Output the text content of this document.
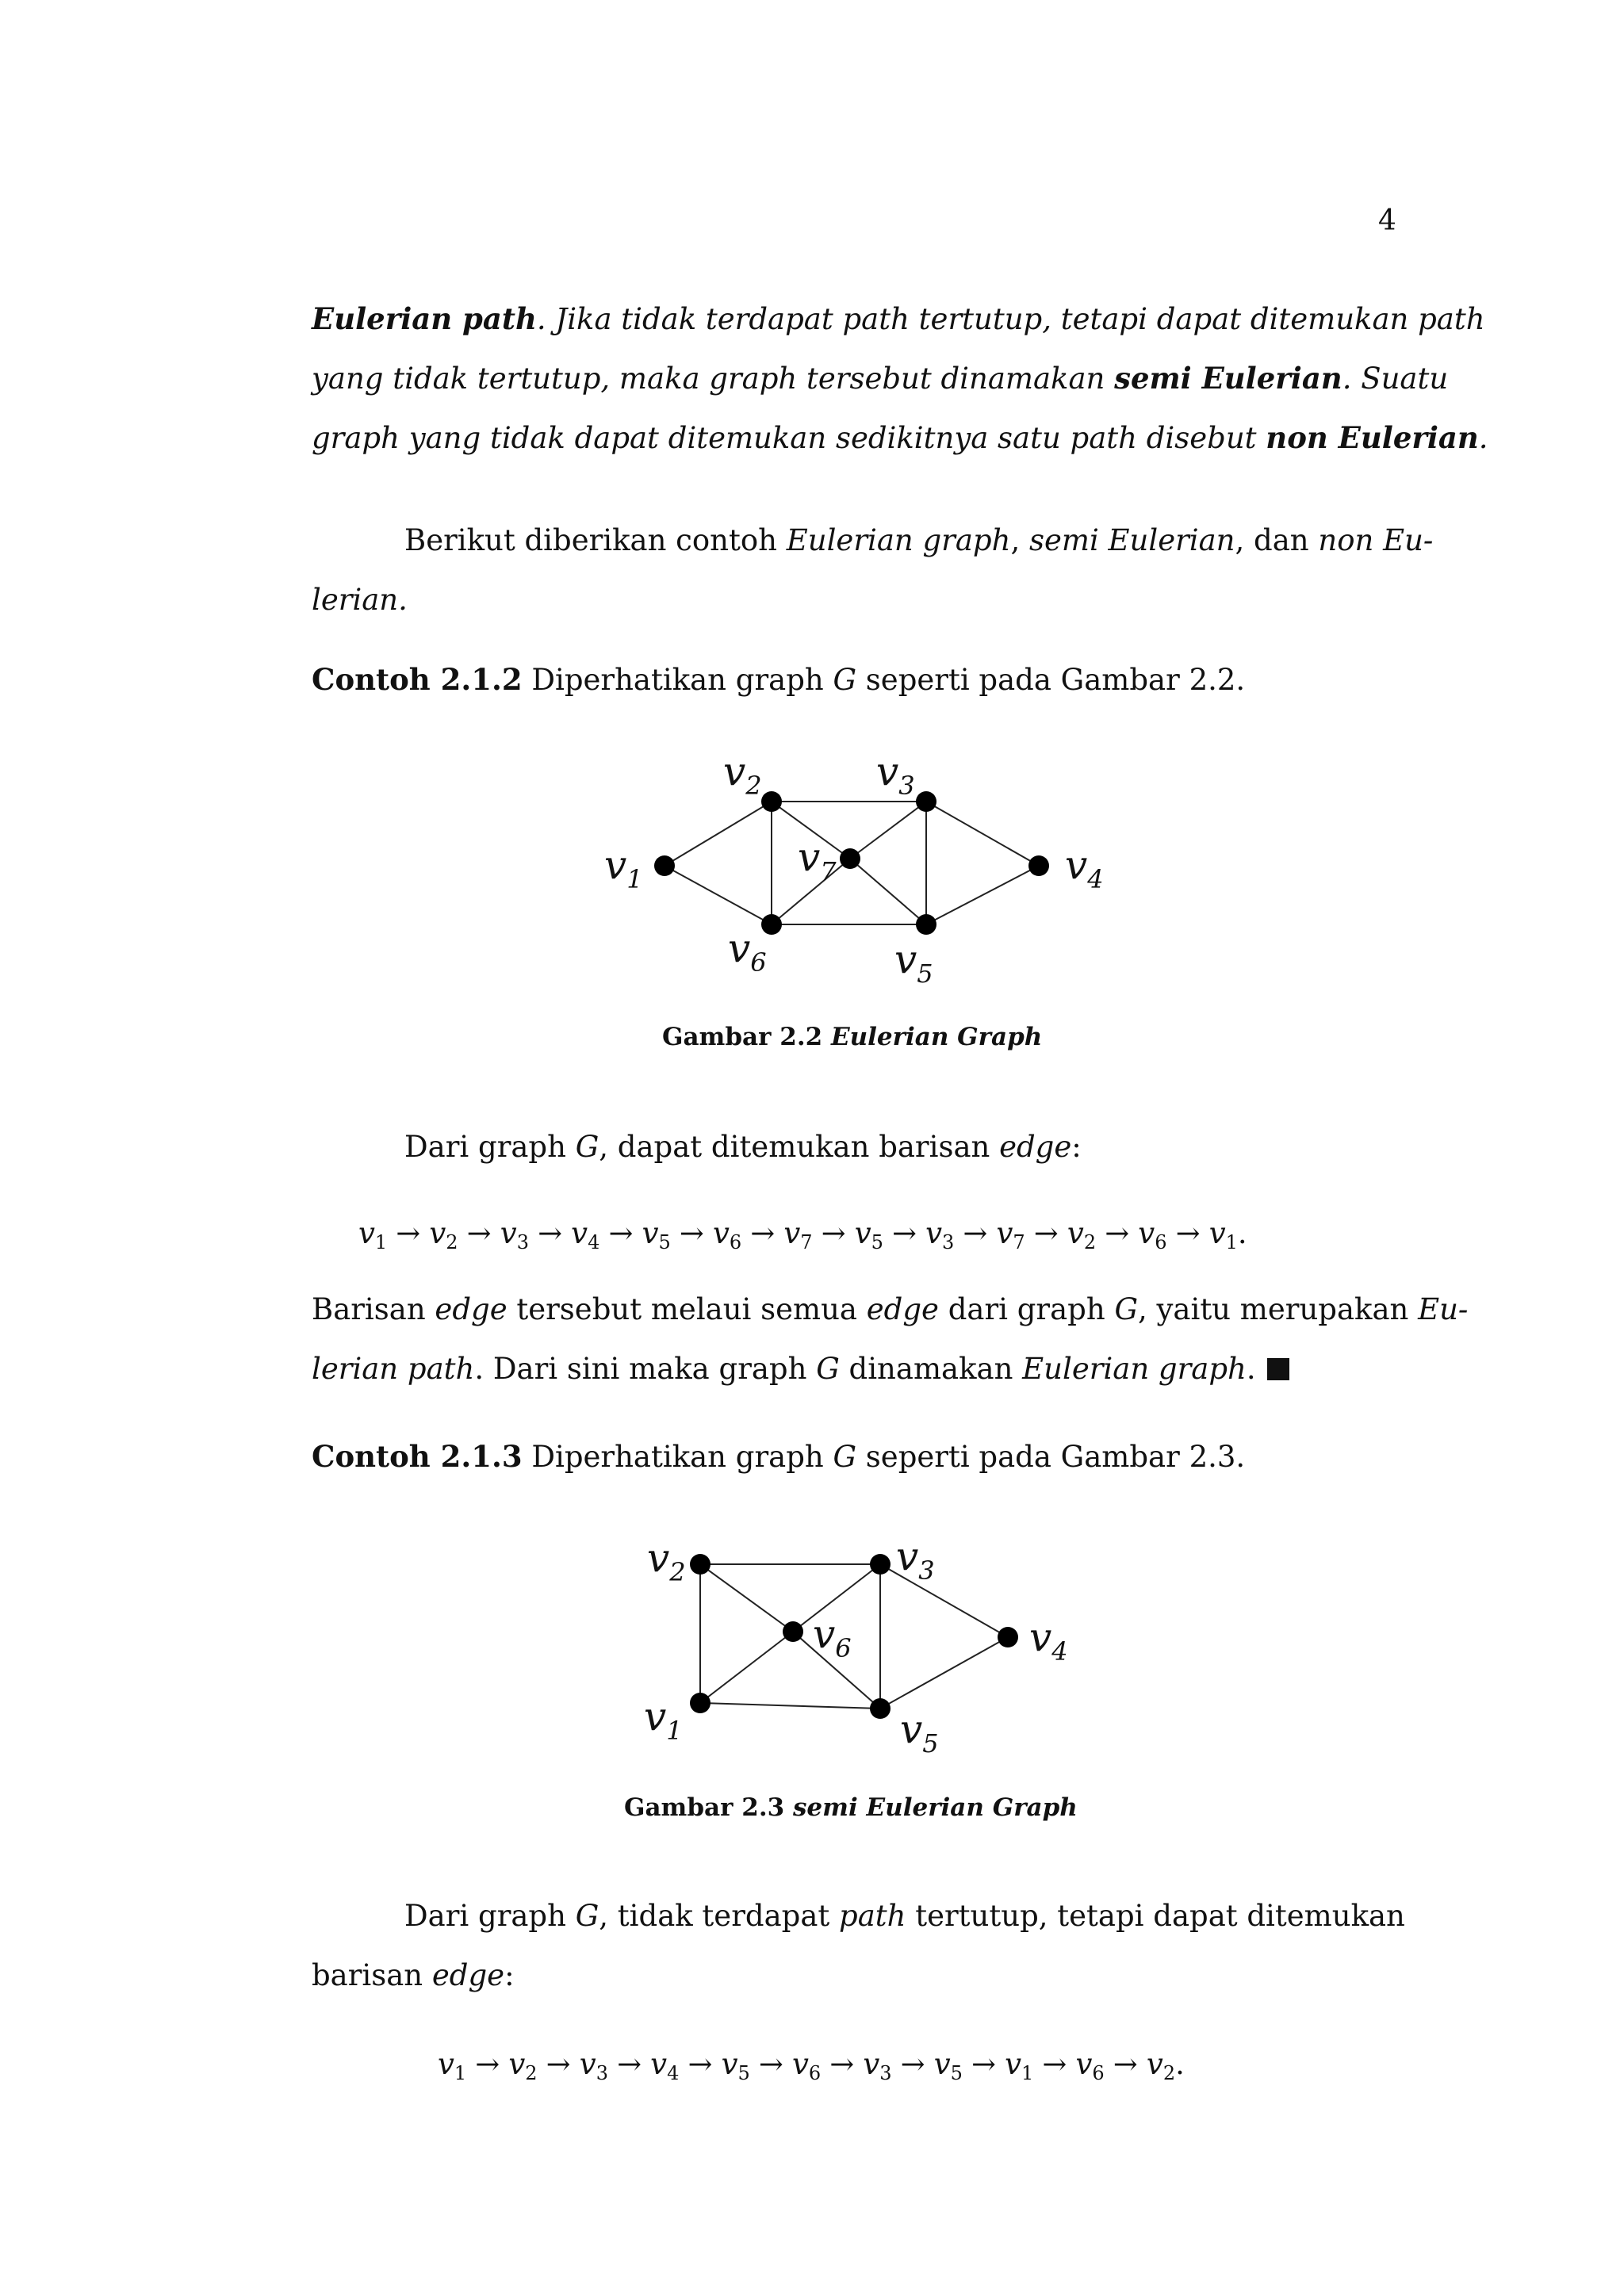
4
Eulerian path. Jika tidak terdapat path tertutup, tetapi dapat ditemukan path
yang tidak tertutup, maka graph tersebut dinamakan semi Eulerian. Suatu
graph yang tidak dapat ditemukan sedikitnya satu path disebut non Eulerian.
Berikut diberikan contoh Eulerian graph, semi Eulerian, dan non Eu-
lerian.
Contoh 2.1.2 Diperhatikan graph G seperti pada Gambar 2.2.
$v_1$
$v_2$	$v_3$
$v_4$
$v_5$
$v_6$
$v_7$
Gambar 2.2 Eulerian Graph
Dari graph G, dapat ditemukan barisan edge:
$v_1 \to v_2 \to v_3 \to v_4 \to v_5 \to v_6 \to v_7 \to v_5 \to v_3 \to v_7 \to v_2 \to v_6 \to v_1$.
Barisan edge tersebut melaui semua edge dari graph G, yaitu merupakan Eu-
lerian path. Dari sini maka graph G dinamakan Eulerian graph.
Contoh 2.1.3 Diperhatikan graph G seperti pada Gambar 2.3.
$v_1$
$v_2$	$v_3$
$v_4$
$v_5$
$v_6$
Gambar 2.3 semi Eulerian Graph
Dari graph G, tidak terdapat path tertutup, tetapi dapat ditemukan
barisan edge:
$v_1 \to v_2 \to v_3 \to v_4 \to v_5 \to v_6 \to v_3 \to v_5 \to v_1 \to v_6 \to v_2$.
